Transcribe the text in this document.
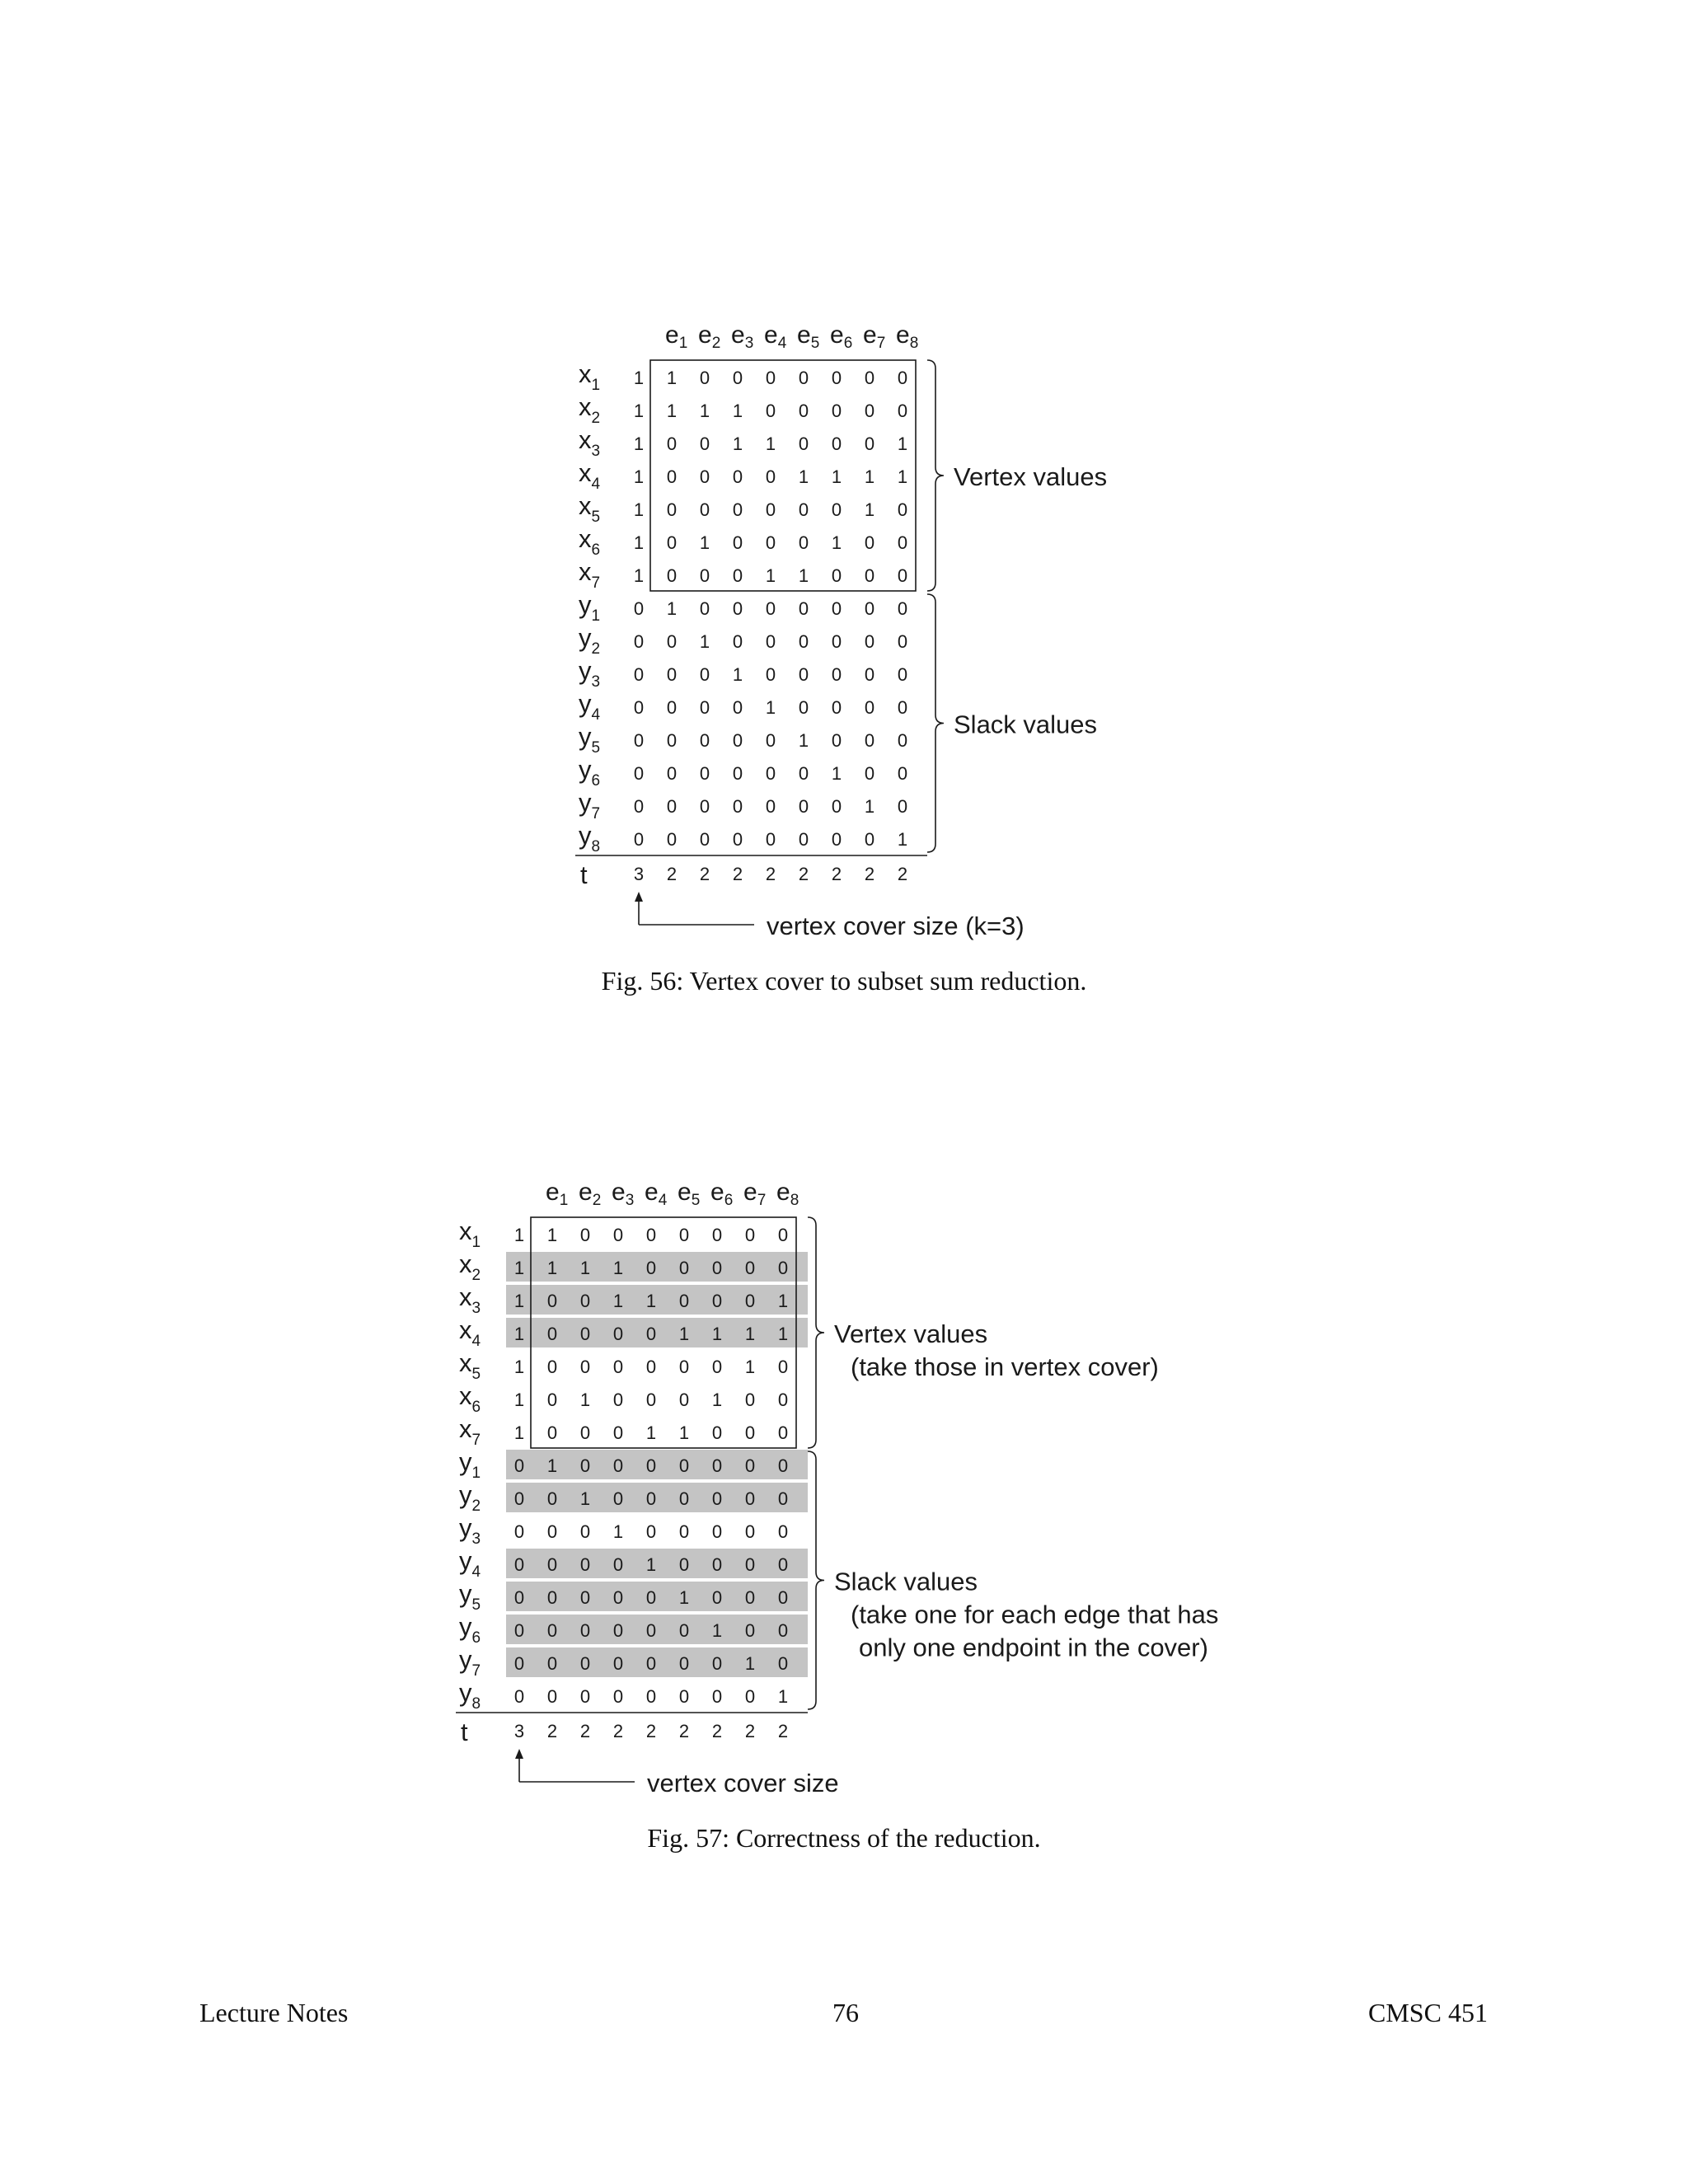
$e_1$ $e_2$ $e_3$ $e_4$ $e_5$ $e_6$ $e_7$ $e_8$
$x_1$ 1 1 0 0 0 0 0 0 0
$x_2$ 1 1 1 1 0 0 0 0 0
$x_3$ 1 0 0 1 1 0 0 0 1
$x_4$ 1 0 0 0 0 1 1 1 1
$x_5$ 1 0 0 0 0 0 0 1 0
$x_6$ 1 0 1 0 0 0 1 0 0
$x_7$ 1 0 0 0 1 1 0 0 0
$y_1$ 0 1 0 0 0 0 0 0 0
$y_2$ 0 0 1 0 0 0 0 0 0
$y_3$ 0 0 0 1 0 0 0 0 0
$y_4$ 0 0 0 0 1 0 0 0 0
$y_5$ 0 0 0 0 0 1 0 0 0
$y_6$ 0 0 0 0 0 0 1 0 0
$y_7$ 0 0 0 0 0 0 0 1 0
$y_8$ 0 0 0 0 0 0 0 0 1
t	3 2 2 2 2 2 2 2 2
Vertex values
Slack values
vertex cover size (k=3)
Fig. 56: Vertex cover to subset sum reduction.
$e_1$ $e_2$ $e_3$ $e_4$ $e_5$ $e_6$ $e_7$ $e_8$
$x_1$ 1 1 0 0 0 0 0 0 0
$x_2$ 1 1 1 1 0 0 0 0 0
$x_3$ 1 0 0 1 1 0 0 0 1
$x_4$ 1 0 0 0 0 1 1 1 1
$x_5$ 1 0 0 0 0 0 0 1 0
$x_6$ 1 0 1 0 0 0 1 0 0
$x_7$ 1 0 0 0 1 1 0 0 0
$y_1$ 0 1 0 0 0 0 0 0 0
$y_2$ 0 0 1 0 0 0 0 0 0
$y_3$ 0 0 0 1 0 0 0 0 0
$y_4$ 0 0 0 0 1 0 0 0 0
$y_5$ 0 0 0 0 0 1 0 0 0
$y_6$ 0 0 0 0 0 0 1 0 0
$y_7$ 0 0 0 0 0 0 0 1 0
$y_8$ 0 0 0 0 0 0 0 0 1
t	3 2 2 2 2 2 2 2 2
Vertex values
(take those in vertex cover)
Slack values
(take one for each edge that has
only one endpoint in the cover)
vertex cover size
Fig. 57: Correctness of the reduction.
Lecture Notes	76	CMSC 451
